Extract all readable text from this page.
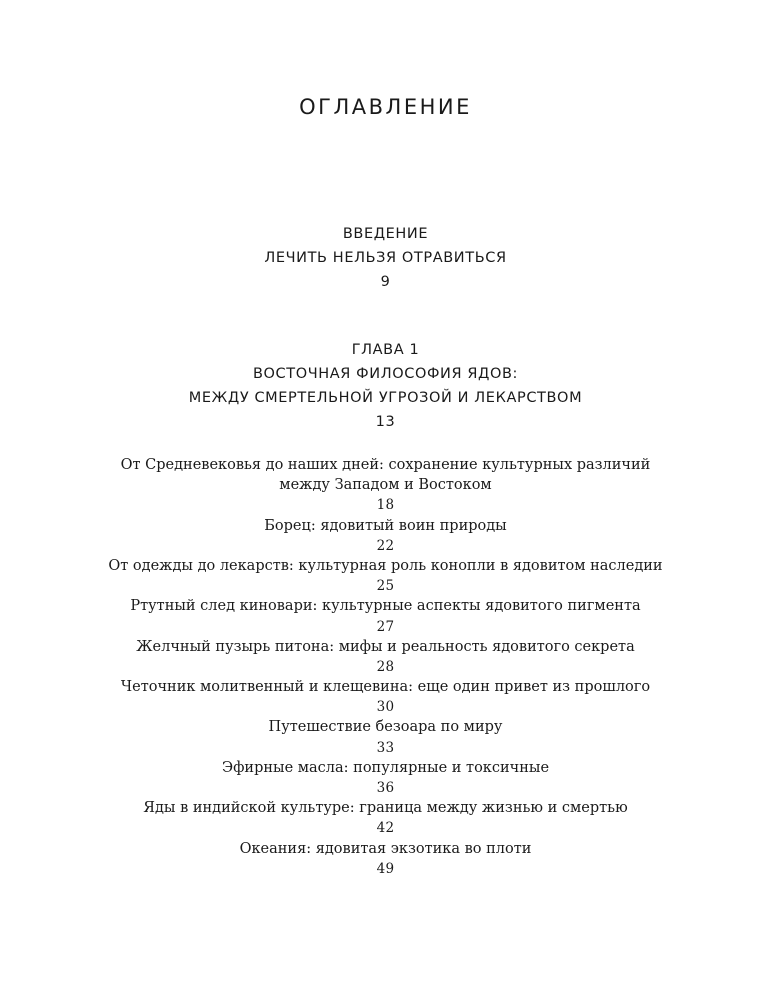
ОГЛАВЛЕНИЕ
ВВЕДЕНИЕ
ЛЕЧИТЬ НЕЛЬЗЯ ОТРАВИТЬСЯ
9
ГЛАВА 1
ВОСТОЧНАЯ ФИЛОСОФИЯ ЯДОВ:
МЕЖДУ СМЕРТЕЛЬНОЙ УГРОЗОЙ И ЛЕКАРСТВОМ
13
От Средневековья до наших дней: сохранение культурных различий
между Западом и Востоком
18
Борец: ядовитый воин природы
22
От одежды до лекарств: культурная роль конопли в ядовитом наследии
25
Ртутный след киновари: культурные аспекты ядовитого пигмента
27
Желчный пузырь питона: мифы и реальность ядовитого секрета
28
Четочник молитвенный и клещевина: еще один привет из прошлого
30
Путешествие безоара по миру
33
Эфирные масла: популярные и токсичные
36
Яды в индийской культуре: граница между жизнью и смертью
42
Океания: ядовитая экзотика во плоти
49
